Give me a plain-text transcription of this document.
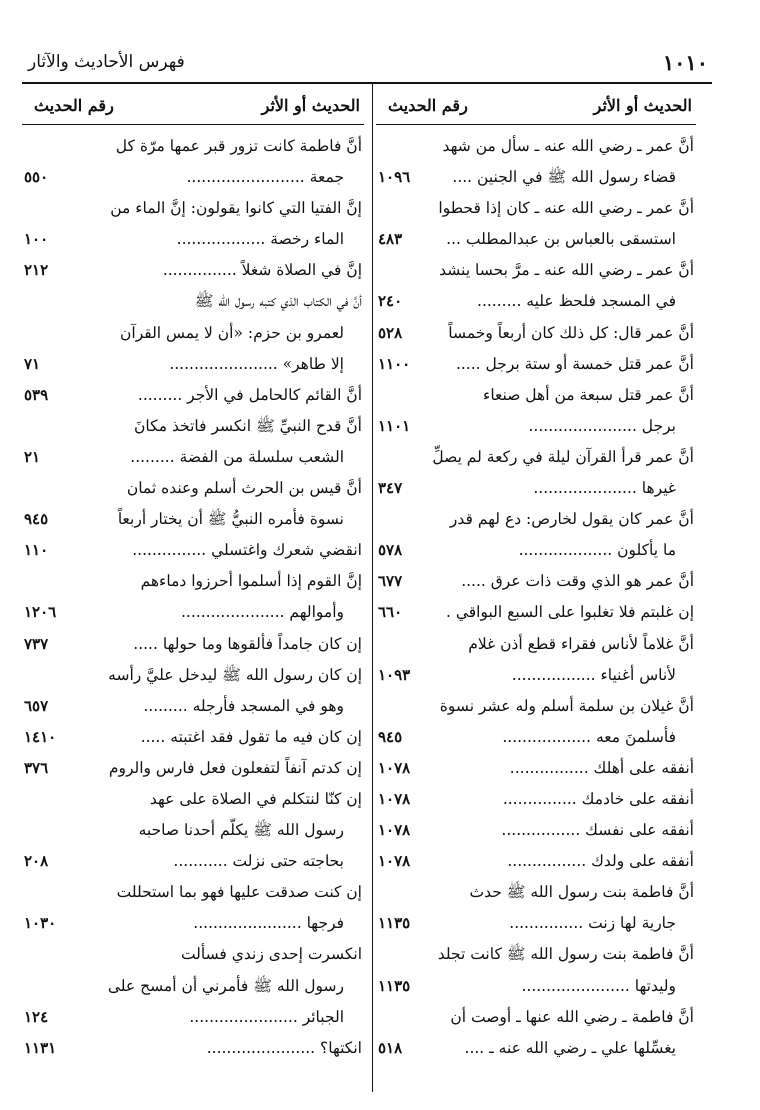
١٠١٠
فهرس الأحاديث والآثار
الحديث أو الأثر
رقم الحديث
أنَّ عمر ـ رضي الله عنه ـ سأل من شهد
قضاء رسول الله ﷺ في الجنين ....
١٠٩٦
أنَّ عمر ـ رضي الله عنه ـ كان إذا قحطوا
استسقى بالعباس بن عبدالمطلب ...
٤٨٣
أنَّ عمر ـ رضي الله عنه ـ مرَّ بحسا ينشد
في المسجد فلحظ عليه .........
٢٤٠
أنَّ عمر قال: كل ذلك كان أربعاً وخمساً
٥٢٨
أنَّ عمر قتل خمسة أو ستة برجل .....
١١٠٠
أنَّ عمر قتل سبعة من أهل صنعاء
برجل ......................
١١٠١
أنَّ عمر قرأ القرآن ليلة في ركعة لم يصلِّ
غيرها .....................
٣٤٧
أنَّ عمر كان يقول لخارص: دع لهم قدر
ما يأكلون ...................
٥٧٨
أنَّ عمر هو الذي وقت ذات عرق .....
٦٧٧
إن غلبتم فلا تغلبوا على السبع البواقي .
٦٦٠
أنَّ غلاماً لأناس فقراء قطع أذن غلام
لأناس أغنياء .................
١٠٩٣
أنَّ غيلان بن سلمة أسلم وله عشر نسوة
فأسلمنَ معه ..................
٩٤٥
أنفقه على أهلك ................
١٠٧٨
أنفقه على خادمك ...............
١٠٧٨
أنفقه على نفسك ................
١٠٧٨
أنفقه على ولدك ................
١٠٧٨
أنَّ فاطمة بنت رسول الله ﷺ حدث
جارية لها زنت ...............
١١٣٥
أنَّ فاطمة بنت رسول الله ﷺ كانت تجلد
وليدتها ......................
١١٣٥
أنَّ فاطمة ـ رضي الله عنها ـ أوصت أن
يغسِّلها علي ـ رضي الله عنه ـ ....
٥١٨
الحديث أو الأثر
رقم الحديث
أنَّ فاطمة كانت تزور قبر عمها مرّة كل
جمعة ........................
٥٥٠
إنَّ الفتيا التي كانوا يقولون: إنَّ الماء من
الماء رخصة ..................
١٠٠
إنَّ في الصلاة شغلاً ...............
٢١٢
أنَّ في الكتاب الذي كتبه رسول الله ﷺ
لعمرو بن حزم: «أن لا يمس القرآن
إلا طاهر» ......................
٧١
أنَّ القائم كالحامل في الأجر .........
٥٣٩
أنَّ قدح النبيِّ ﷺ انكسر فاتخذ مكانَ
الشعب سلسلة من الفضة .........
٢١
أنَّ قيس بن الحرث أسلم وعنده ثمان
نسوة فأمره النبيُّ ﷺ أن يختار أربعاً
٩٤٥
انقضي شعرك واغتسلي ...............
١١٠
إنَّ القوم إذا أسلموا أحرزوا دماءهم
وأموالهم .....................
١٢٠٦
إن كان جامداً فألقوها وما حولها .....
٧٣٧
إن كان رسول الله ﷺ ليدخل عليَّ رأسه
وهو في المسجد فأرجله .........
٦٥٧
إن كان فيه ما تقول فقد اغتبته .....
١٤١٠
إن كدتم آنفاً لتفعلون فعل فارس والروم
٣٧٦
إن كنّا لنتكلم في الصلاة على عهد
رسول الله ﷺ يكلّم أحدنا صاحبه
بحاجته حتى نزلت ...........
٢٠٨
إن كنت صدقت عليها فهو بما استحللت
فرجها ......................
١٠٣٠
انكسرت إحدى زندي فسألت
رسول الله ﷺ فأمرني أن أمسح على
الجبائر ......................
١٢٤
انكتها؟ ......................
١١٣١
